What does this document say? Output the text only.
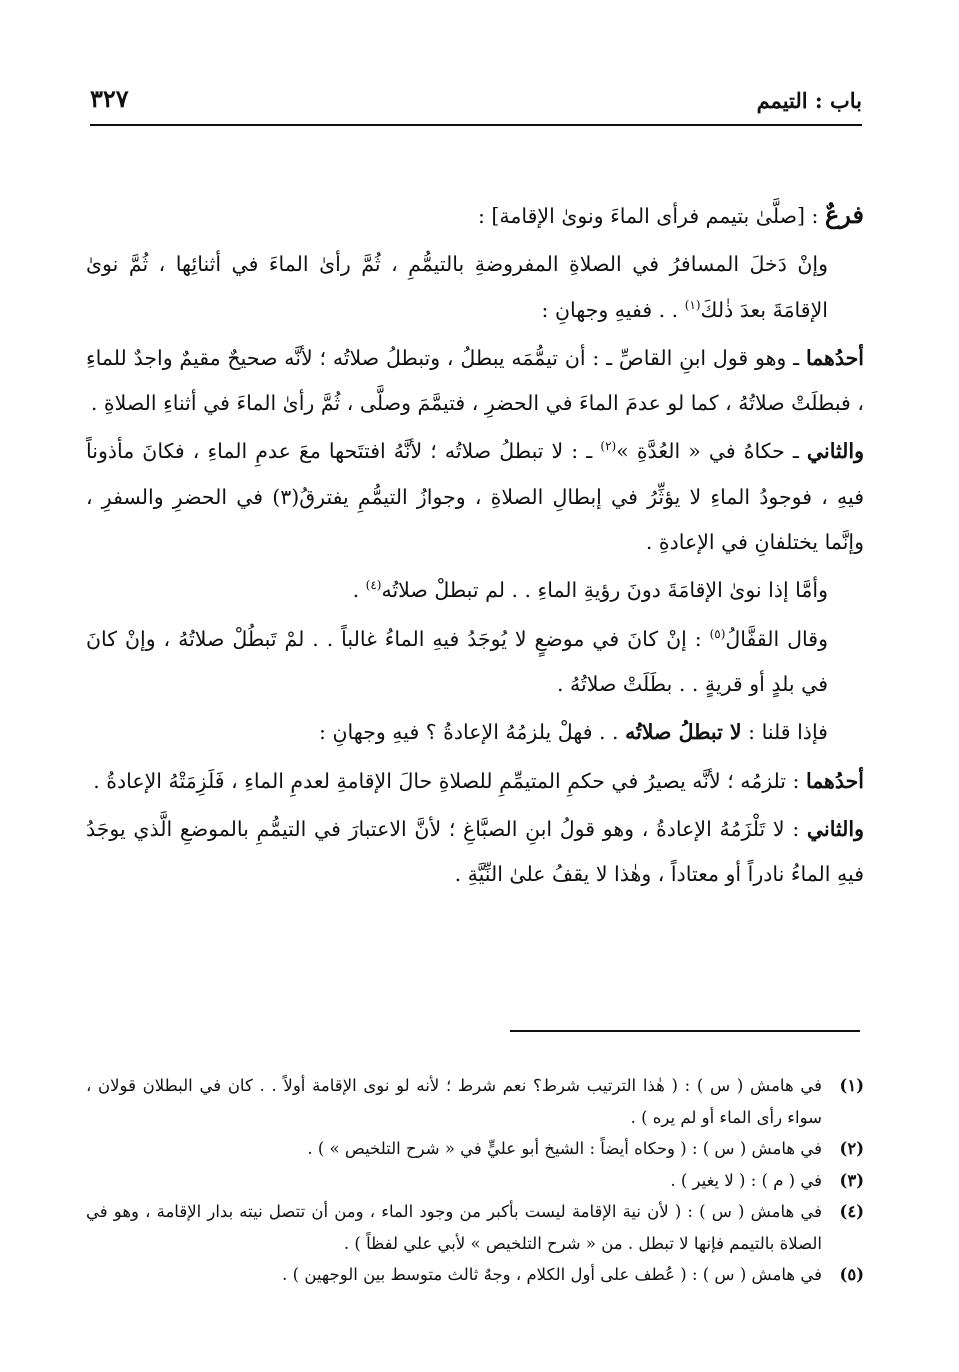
باب : التيمم
٣٢٧

فرعٌ : [صلَّىٰ بتيمم فرأى الماءَ ونوىٰ الإقامة] :

وإنْ دَخلَ المسافرُ في الصلاةِ المفروضةِ بالتيمُّمِ ، ثُمَّ رأىٰ الماءَ في أثنائِها ، ثُمَّ نوىٰ الإقامَةَ بعدَ ذٰلكَ$^{(١)}$ . . ففيهِ وجهانِ :

أحدُهما ـ وهو قول ابنِ القاصِّ ـ : أن تيمُّمَه يبطلُ ، وتبطلُ صلاتُه ؛ لأنَّه صحيحٌ مقيمٌ واجدٌ للماءِ ، فبطلَتْ صلاتُهُ ، كما لو عدمَ الماءَ في الحضرِ ، فتيمَّمَ وصلَّى ، ثُمَّ رأىٰ الماءَ في أثناءِ الصلاةِ .

والثاني ـ حكاهُ في « العُدَّةِ »$^{(٢)}$ ـ : لا تبطلُ صلاتُه ؛ لأنَّهُ افتتَحها معَ عدمِ الماءِ ، فكانَ مأذوناً فيهِ ، فوجودُ الماءِ لا يؤثِّرُ في إبطالِ الصلاةِ ، وجوازُ التيمُّمِ يفترقُ(٣) في الحضرِ والسفرِ ، وإنَّما يختلفانِ في الإعادةِ .

وأمَّا إذا نوىٰ الإقامَةَ دونَ رؤيةِ الماءِ . . لم تبطلْ صلاتُه$^{(٤)}$ .

وقال القفَّالُ$^{(٥)}$ : إنْ كانَ في موضعٍ لا يُوجَدُ فيهِ الماءُ غالباً . . لمْ تَبطُلْ صلاتُهُ ، وإنْ كانَ في بلدٍ أو قريةٍ . . بطَلَتْ صلاتُهُ .

فإذا قلنا : لا تبطلُ صلاتُه . . فهلْ يلزمُهُ الإعادةُ ؟ فيهِ وجهانِ :

أحدُهما : تلزمُه ؛ لأنَّه يصيرُ في حكمِ المتيمِّمِ للصلاةِ حالَ الإقامةِ لعدمِ الماءِ ، فَلَزِمَتْهُ الإعادةُ .

والثاني : لا تَلْزَمُهُ الإعادةُ ، وهو قولُ ابنِ الصبَّاغِ ؛ لأنَّ الاعتبارَ في التيمُّمِ بالموضعِ الَّذي يوجَدُ فيهِ الماءُ نادراً أو معتاداً ، وهٰذا لا يقفُ علىٰ النِّيَّةِ .

(١)
في هامش ( س ) : ( هٰذا الترتيب شرط؟ نعم شرط ؛ لأنه لو نوى الإقامة أولاً . . كان في البطلان قولان ، سواء رأى الماء أو لم يره ) .
(٢)
في هامش ( س ) : ( وحكاه أيضاً : الشيخ أبو عليٍّ في « شرح التلخيص » ) .
(٣)
في ( م ) : ( لا يغير ) .
(٤)
في هامش ( س ) : ( لأن نية الإقامة ليست بأكبر من وجود الماء ، ومن أن تتصل نيته بدار الإقامة ، وهو في الصلاة بالتيمم فإنها لا تبطل . من « شرح التلخيص » لأبي علي لفظاً ) .
(٥)
في هامش ( س ) : ( عُطف على أول الكلام ، وجهٌ ثالث متوسط بين الوجهين ) .
